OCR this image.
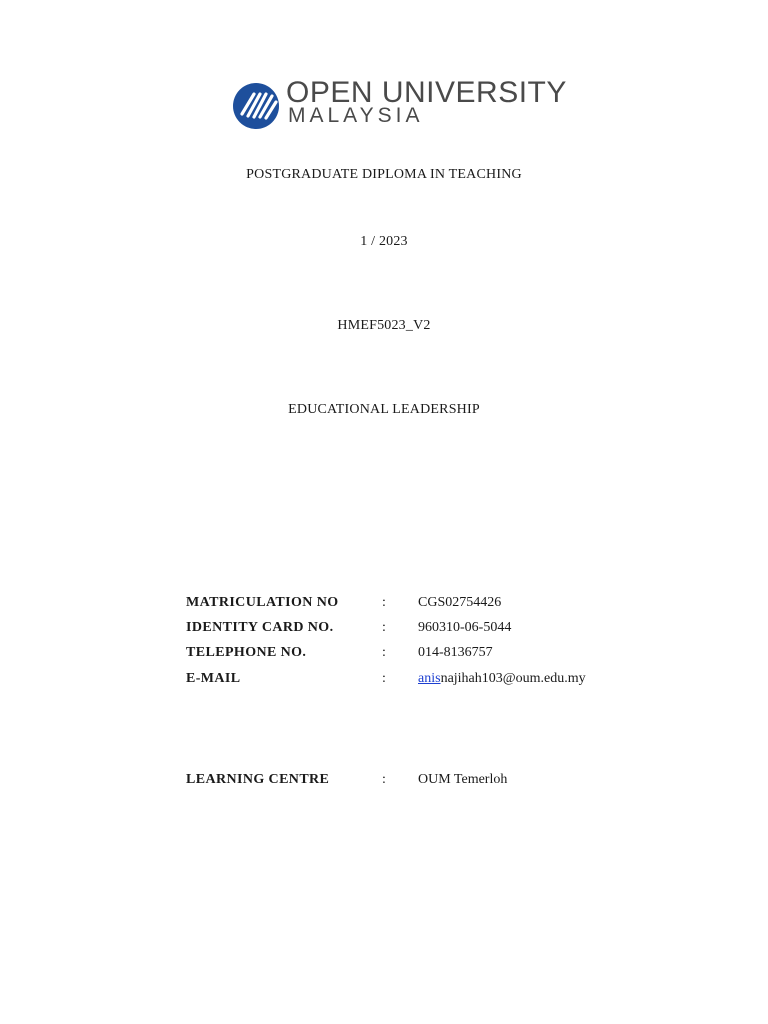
OPEN UNIVERSITY
MALAYSIA
POSTGRADUATE DIPLOMA IN TEACHING
1 / 2023
HMEF5023_V2
EDUCATIONAL LEADERSHIP
MATRICULATION NO	: CGS02754426
IDENTITY CARD NO.	: 960310-06-5044
TELEPHONE NO.	: 014-8136757
E-MAIL	: anisnajihah103@oum.edu.my
LEARNING CENTRE	: OUM Temerloh
